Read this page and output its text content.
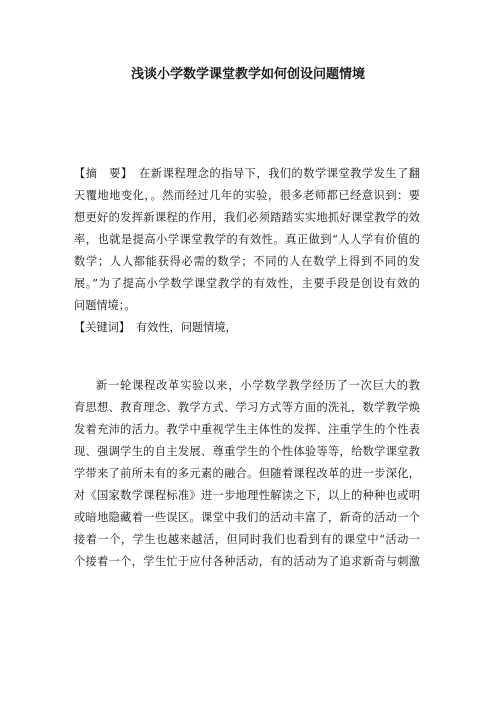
浅谈小学数学课堂教学如何创设问题情境
【摘　要】 在新课程理念的指导下，我们的数学课堂教学发生了翻
天覆地地变化，。然而经过几年的实验，很多老师都已经意识到：要
想更好的发挥新课程的作用，我们必须踏踏实实地抓好课堂教学的效
率，也就是提高小学课堂教学的有效性。真正做到“人人学有价值的
数学；人人都能获得必需的数学；不同的人在数学上得到不同的发
展。”为了提高小学数学课堂教学的有效性，主要手段是创设有效的
问题情境；。
【关键词】 有效性，问题情境，
新一轮课程改革实验以来，小学数学教学经历了一次巨大的教
育思想、教育理念、教学方式、学习方式等方面的洗礼，数学教学焕
发着充沛的活力。教学中重视学生主体性的发挥、注重学生的个性表
现、强调学生的自主发展、尊重学生的个性体验等等，给数学课堂教
学带来了前所未有的多元素的融合。但随着课程改革的进一步深化，
对《国家数学课程标准》进一步地理性解读之下，以上的种种也或明
或暗地隐藏着一些误区。课堂中我们的活动丰富了，新奇的活动一个
接着一个，学生也越来越活，但同时我们也看到有的课堂中“活动一
个接着一个，学生忙于应付各种活动，有的活动为了追求新奇与刺激
